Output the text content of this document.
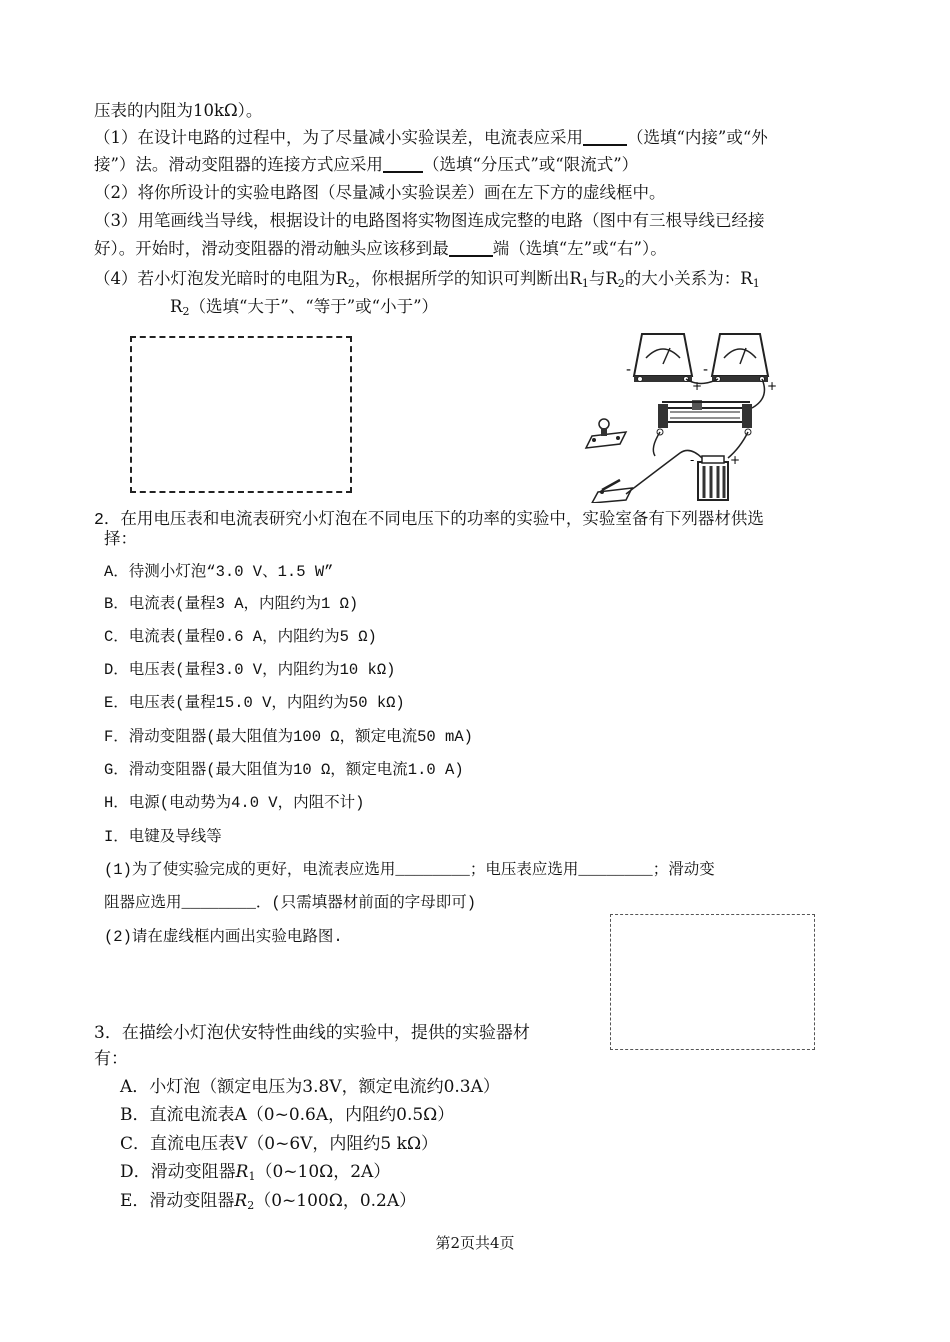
压表的内阻为10kΩ）。
（1）在设计电路的过程中，为了尽量减小实验误差，电流表应采用	（选填“内接”或“外
接”）法。滑动变阻器的连接方式应采用 （选填“分压式”或“限流式”）
（2）将你所设计的实验电路图（尽量减小实验误差）画在左下方的虚线框中。
（3）用笔画线当导线，根据设计的电路图将实物图连成完整的电路（图中有三根导线已经接
好）。开始时，滑动变阻器的滑动触头应该移到最	端（选填“左”或“右”）。
（4）若小灯泡发光暗时的电阻为$R_2$，你根据所学的知识可判断出$R_1$与$R_2$的大小关系为：$R_1$
$R_2$（选填“大于”、“等于”或“小于”）
-
+
-
+
-	+
2．在用电压表和电流表研究小灯泡在不同电压下的功率的实验中，实验室备有下列器材供选
择：
A．待测小灯泡“3.0 V、1.5 W”
B．电流表(量程3 A，内阻约为1 Ω)
C．电流表(量程0.6 A，内阻约为5 Ω)
D．电压表(量程3.0 V，内阻约为10 kΩ)
E．电压表(量程15.0 V，内阻约为50 kΩ)
F．滑动变阻器(最大阻值为100 Ω，额定电流50 mA)
G．滑动变阻器(最大阻值为10 Ω，额定电流1.0 A)
H．电源(电动势为4.0 V，内阻不计)
I．电键及导线等
(1)为了使实验完成的更好，电流表应选用________；电压表应选用________；滑动变
阻器应选用________．(只需填器材前面的字母即可)
(2)请在虚线框内画出实验电路图.
3．在描绘小灯泡伏安特性曲线的实验中，提供的实验器材
有：
A．小灯泡（额定电压为3.8V，额定电流约0.3A）
B．直流电流表A（0~0.6A，内阻约0.5Ω）
C．直流电压表V（0~6V，内阻约5 kΩ）
D．滑动变阻器$R_1(0\sim 10\Omega$，2A）
E．滑动变阻器$R_2(0\sim 100\Omega$，0.2A）
第2页共4页
